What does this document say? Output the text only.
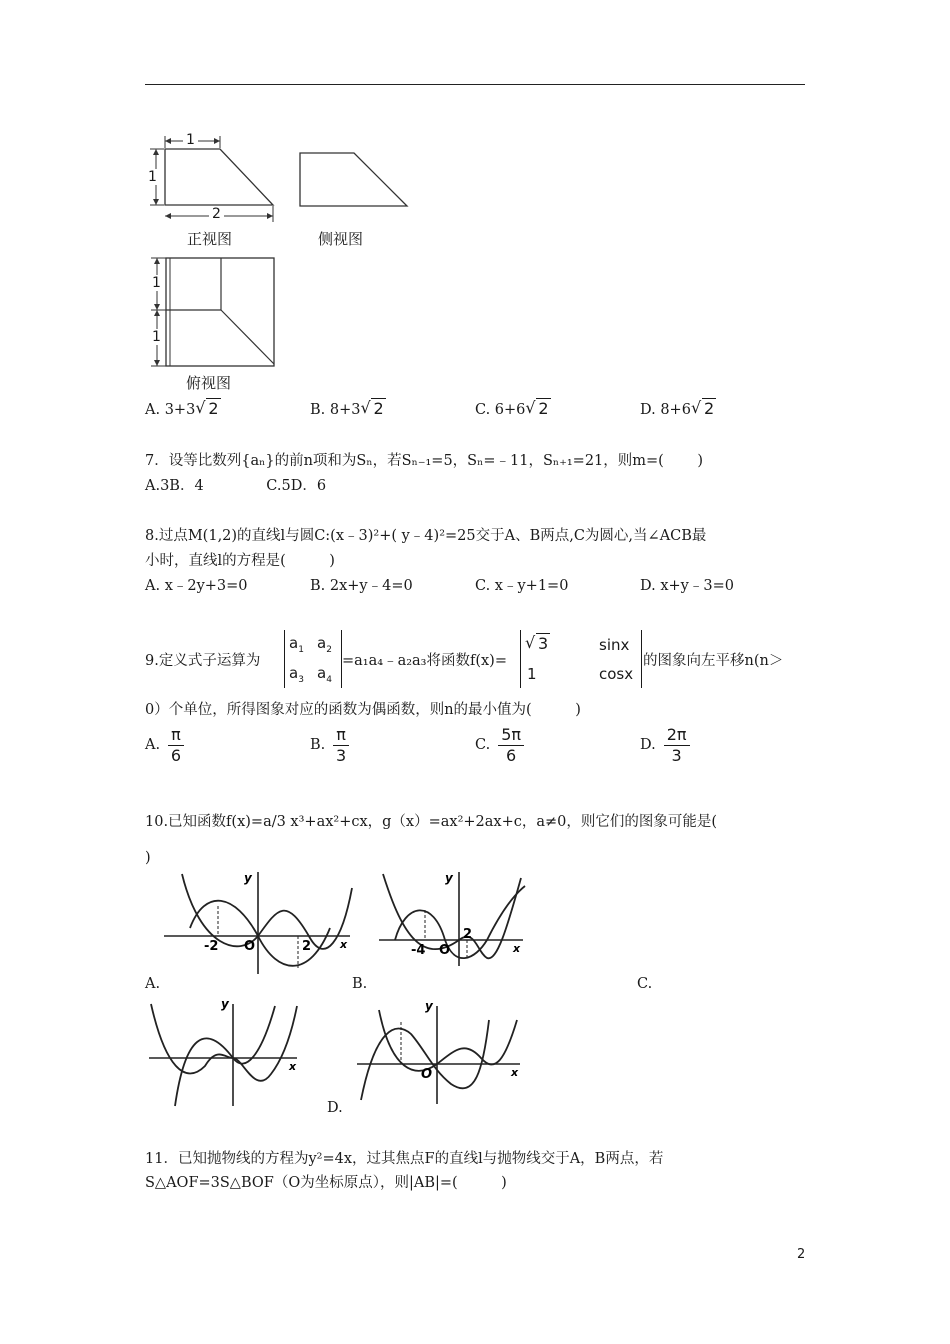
1
2
1
正视图	侧视图
1
1
俯视图
A. 3+3 √ 2	B. 8+3 √ 2	C. 6+6 √ 2	D. 8+6 √ 2
7．设等比数列{aₙ}的前n项和为Sₙ，若Sₙ₋₁=5，Sₙ=﹣11，Sₙ₊₁=21，则m=(　　 )
A.3B．4　　　　 C.5D．6
8.过点M(1,2)的直线l与圆C:(x﹣3)²+( y﹣4)²=25交于A、B两点,C为圆心,当∠ACB最
小时，直线l的方程是(　　　)
A. x﹣2y+3=0	B. 2x+y﹣4=0	C. x﹣y+1=0	D. x+y﹣3=0
9.定义式子运算为
$a_1$ $a_2$
$a_3$ $a_4$
=a₁a₄﹣a₂a₃将函数f(x)=
√ 3	sinx
1	cosx
的图象向左平移n(n＞
0）个单位，所得图象对应的函数为偶函数，则n的最小值为(　　　)
A. $\frac{\pi}{6}$	B. $\frac{\pi}{3}$	C. $\frac{5\pi}{6}$	D. $\frac{2\pi}{3}$
10.已知函数f(x)=a/3 x³+ax²+cx，g（x）=ax²+2ax+c，a≠0，则它们的图象可能是(
)
-2 O	2
y
x
A.
-4 O
2
y
x
B.	C.
y
x
O
y
x
D.
11．已知抛物线的方程为y²=4x，过其焦点F的直线l与抛物线交于A，B两点，若
S△AOF=3S△BOF（O为坐标原点），则|AB|=(　　　)
2
